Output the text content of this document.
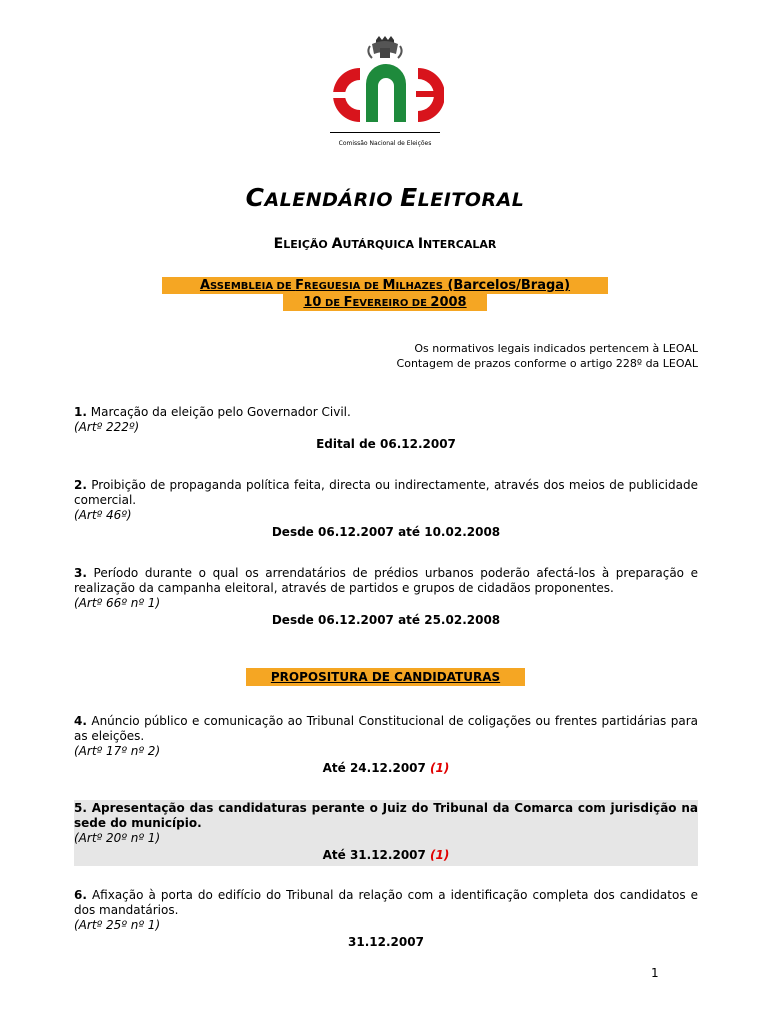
Comissão Nacional de Eleições
CALENDÁRIO ELEITORAL
ELEIÇÃO AUTÁRQUICA INTERCALAR
ASSEMBLEIA DE FREGUESIA DE MILHAZES (Barcelos/Braga)
10 DE FEVEREIRO DE 2008
Os normativos legais indicados pertencem à LEOAL
Contagem de prazos conforme o artigo 228º da LEOAL
1. Marcação da eleição pelo Governador Civil.
(Artº 222º)
Edital de 06.12.2007
2. Proibição de propaganda política feita, directa ou indirectamente, através dos meios de publicidade comercial.
(Artº 46º)
Desde 06.12.2007 até 10.02.2008
3. Período durante o qual os arrendatários de prédios urbanos poderão afectá-los à preparação e realização da campanha eleitoral, através de partidos e grupos de cidadãos proponentes.
(Artº 66º nº 1)
Desde 06.12.2007 até 25.02.2008
PROPOSITURA DE CANDIDATURAS
4. Anúncio público e comunicação ao Tribunal Constitucional de coligações ou frentes partidárias para as eleições.
(Artº 17º nº 2)
Até 24.12.2007 (1)
5. Apresentação das candidaturas perante o Juiz do Tribunal da Comarca com jurisdição na sede do município.
(Artº 20º nº 1)
Até 31.12.2007 (1)
6. Afixação à porta do edifício do Tribunal da relação com a identificação completa dos candidatos e dos mandatários.
(Artº 25º nº 1)
31.12.2007
1
